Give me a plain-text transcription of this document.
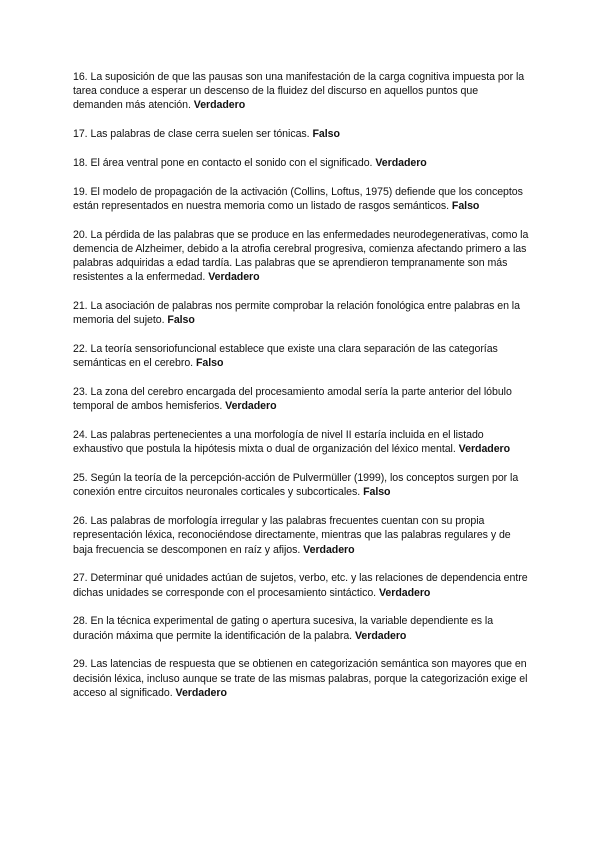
16. La suposición de que las pausas son una manifestación de la carga cognitiva impuesta por la tarea conduce a esperar un descenso de la fluidez del discurso en aquellos puntos que demanden más atención. Verdadero

17. Las palabras de clase cerra suelen ser tónicas. Falso

18. El área ventral pone en contacto el sonido con el significado. Verdadero

19. El modelo de propagación de la activación (Collins, Loftus, 1975) defiende que los conceptos están representados en nuestra memoria como un listado de rasgos semánticos. Falso

20. La pérdida de las palabras que se produce en las enfermedades neurodegenerativas, como la demencia de Alzheimer, debido a la atrofia cerebral progresiva, comienza afectando primero a las palabras adquiridas a edad tardía. Las palabras que se aprendieron tempranamente son más resistentes a la enfermedad. Verdadero

21. La asociación de palabras nos permite comprobar la relación fonológica entre palabras en la memoria del sujeto. Falso

22. La teoría sensoriofuncional establece que existe una clara separación de las categorías semánticas en el cerebro. Falso

23. La zona del cerebro encargada del procesamiento amodal sería la parte anterior del lóbulo temporal de ambos hemisferios. Verdadero

24. Las palabras pertenecientes a una morfología de nivel II estaría incluida en el listado exhaustivo que postula la hipótesis mixta o dual de organización del léxico mental. Verdadero

25. Según la teoría de la percepción-acción de Pulvermüller (1999), los conceptos surgen por la conexión entre circuitos neuronales corticales y subcorticales. Falso

26. Las palabras de morfología irregular y las palabras frecuentes cuentan con su propia representación léxica, reconociéndose directamente, mientras que las palabras regulares y de baja frecuencia se descomponen en raíz y afijos. Verdadero

27. Determinar qué unidades actúan de sujetos, verbo, etc. y las relaciones de dependencia entre dichas unidades se corresponde con el procesamiento sintáctico. Verdadero

28. En la técnica experimental de gating o apertura sucesiva, la variable dependiente es la duración máxima que permite la identificación de la palabra. Verdadero

29. Las latencias de respuesta que se obtienen en categorización semántica son mayores que en decisión léxica, incluso aunque se trate de las mismas palabras, porque la categorización exige el acceso al significado. Verdadero
